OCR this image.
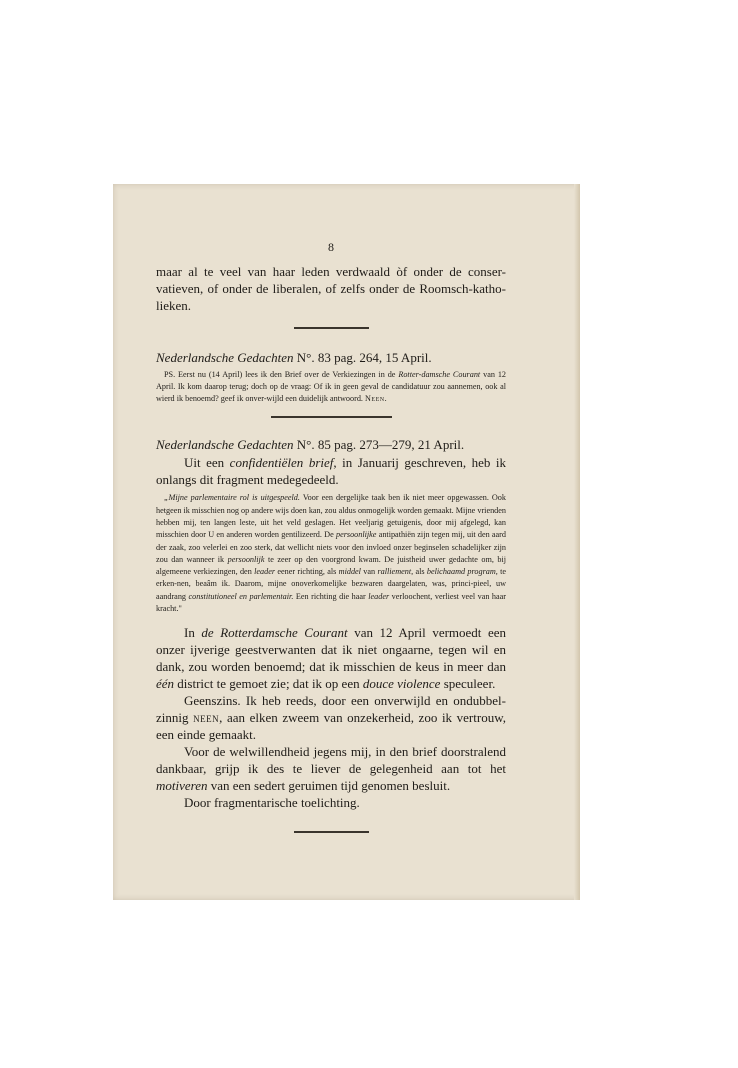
8

maar al te veel van haar leden verdwaald òf onder de conser-vatieven, of onder de liberalen, of zelfs onder de Roomsch-katho-lieken.

Nederlandsche Gedachten N°. 83 pag. 264, 15 April.

PS. Eerst nu (14 April) lees ik den Brief over de Verkiezingen in de Rotter-damsche Courant van 12 April. Ik kom daarop terug; doch op de vraag: Of ik in geen geval de candidatuur zou aannemen, ook al wierd ik benoemd? geef ik onver-wijld een duidelijk antwoord. Neen.

Nederlandsche Gedachten N°. 85 pag. 273—279, 21 April.

Uit een confidentiëlen brief, in Januarij geschreven, heb ik onlangs dit fragment medegedeeld.

„Mijne parlementaire rol is uitgespeeld. Voor een dergelijke taak ben ik niet meer opgewassen. Ook hetgeen ik misschien nog op andere wijs doen kan, zou aldus onmogelijk worden gemaakt. Mijne vrienden hebben mij, ten langen leste, uit het veld geslagen. Het veeljarig getuigenis, door mij afgelegd, kan misschien door U en anderen worden gentilizeerd. De persoonlijke antipathiën zijn tegen mij, uit den aard der zaak, zoo velerlei en zoo sterk, dat wellicht niets voor den invloed onzer beginselen schadelijker zijn zou dan wanneer ik persoonlijk te zeer op den voorgrond kwam. De juistheid uwer gedachte om, bij algemeene verkiezingen, den leader eener richting, als middel van ralliement, als belichaamd program, te erken-nen, beaâm ik. Daarom, mijne onoverkomelijke bezwaren daargelaten, was, princi-pieel, uw aandrang constitutioneel en parlementair. Een richting die haar leader verloochent, verliest veel van haar kracht."

In de Rotterdamsche Courant van 12 April vermoedt een onzer ijverige geestverwanten dat ik niet ongaarne, tegen wil en dank, zou worden benoemd; dat ik misschien de keus in meer dan één district te gemoet zie; dat ik op een douce violence speculeer.

Geenszins. Ik heb reeds, door een onverwijld en ondubbel-zinnig neen, aan elken zweem van onzekerheid, zoo ik vertrouw, een einde gemaakt.

Voor de welwillendheid jegens mij, in den brief doorstralend dankbaar, grijp ik des te liever de gelegenheid aan tot het motiveren van een sedert geruimen tijd genomen besluit.

Door fragmentarische toelichting.
